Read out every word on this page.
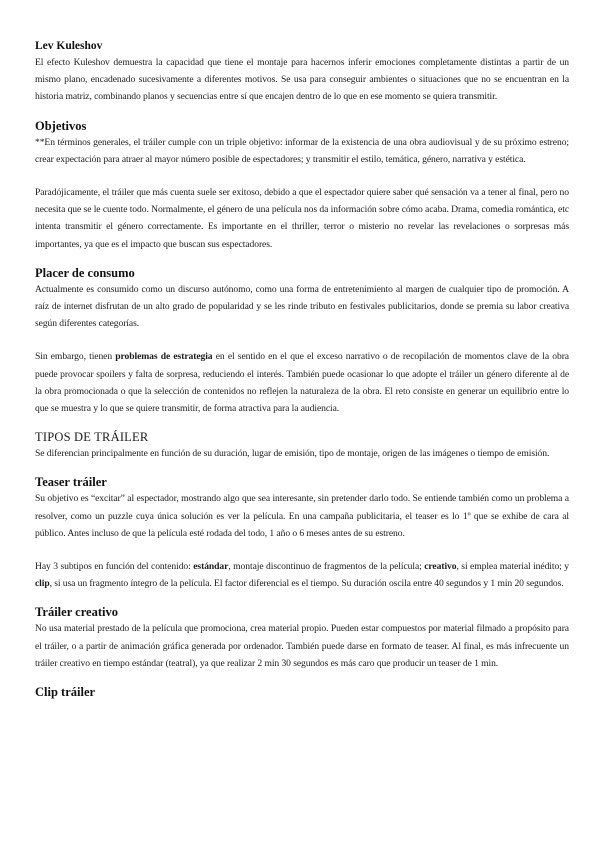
Lev Kuleshov

El efecto Kuleshov demuestra la capacidad que tiene el montaje para hacernos inferir emociones completamente distintas a partir de un mismo plano, encadenado sucesivamente a diferentes motivos. Se usa para conseguir ambientes o situaciones que no se encuentran en la historia matriz, combinando planos y secuencias entre sí que encajen dentro de lo que en ese momento se quiera transmitir.

Objetivos

**En términos generales, el tráiler cumple con un triple objetivo: informar de la existencia de una obra audiovisual y de su próximo estreno; crear expectación para atraer al mayor número posible de espectadores; y transmitir el estilo, temática, género, narrativa y estética.

Paradójicamente, el tráiler que más cuenta suele ser exitoso, debido a que el espectador quiere saber qué sensación va a tener al final, pero no necesita que se le cuente todo. Normalmente, el género de una película nos da información sobre cómo acaba. Drama, comedia romántica, etc intenta transmitir el género correctamente. Es importante en el thriller, terror o misterio no revelar las revelaciones o sorpresas más importantes, ya que es el impacto que buscan sus espectadores.

Placer de consumo

Actualmente es consumido como un discurso autónomo, como una forma de entretenimiento al margen de cualquier tipo de promoción. A raíz de internet disfrutan de un alto grado de popularidad y se les rinde tributo en festivales publicitarios, donde se premia su labor creativa según diferentes categorías.

Sin embargo, tienen problemas de estrategia en el sentido en el que el exceso narrativo o de recopilación de momentos clave de la obra puede provocar spoilers y falta de sorpresa, reduciendo el interés. También puede ocasionar lo que adopte el tráiler un género diferente al de la obra promocionada o que la selección de contenidos no reflejen la naturaleza de la obra. El reto consiste en generar un equilibrio entre lo que se muestra y lo que se quiere transmitir, de forma atractiva para la audiencia.

TIPOS DE TRÁILER

Se diferencian principalmente en función de su duración, lugar de emisión, tipo de montaje, origen de las imágenes o tiempo de emisión.

Teaser tráiler

Su objetivo es “excitar” al espectador, mostrando algo que sea interesante, sin pretender darlo todo. Se entiende también como un problema a resolver, como un puzzle cuya única solución es ver la película. En una campaña publicitaria, el teaser es lo 1º que se exhibe de cara al público. Antes incluso de que la película esté rodada del todo, 1 año o 6 meses antes de su estreno.

Hay 3 subtipos en función del contenido: estándar, montaje discontinuo de fragmentos de la película; creativo, si emplea material inédito; y clip, si usa un fragmento íntegro de la película. El factor diferencial es el tiempo. Su duración oscila entre 40 segundos y 1 min 20 segundos.

Tráiler creativo

No usa material prestado de la película que promociona, crea material propio. Pueden estar compuestos por material filmado a propósito para el tráiler, o a partir de animación gráfica generada por ordenador. También puede darse en formato de teaser. Al final, es más infrecuente un tráiler creativo en tiempo estándar (teatral), ya que realizar 2 min 30 segundos es más caro que producir un teaser de 1 min.

Clip tráiler
